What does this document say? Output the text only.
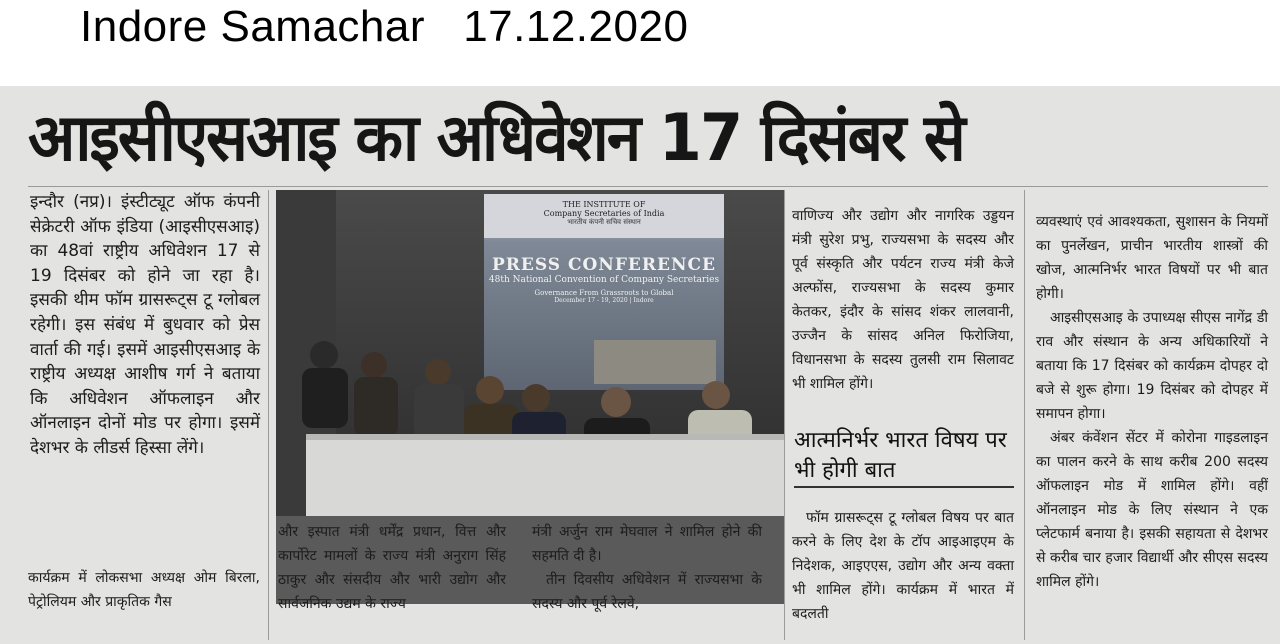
Indore Samachar   17.12.2020
आइसीएसआइ का अधिवेशन 17 दिसंबर से

इन्दौर (नप्र)। इंस्टीट्यूट ऑफ कंपनी सेक्रेटरी ऑफ इंडिया (आइसीएसआइ) का 48वां राष्ट्रीय अधिवेशन 17 से 19 दिसंबर को होने जा रहा है। इसकी थीम फॉम ग्रासरूट्स टू ग्लोबल रहेगी। इस संबंध में बुधवार को प्रेस वार्ता की गई। इसमें आइसीएसआइ के राष्ट्रीय अध्यक्ष आशीष गर्ग ने बताया कि अधिवेशन ऑफलाइन और ऑनलाइन दोनों मोड पर होगा। इसमें देशभर के लीडर्स हिस्सा लेंगे।

कार्यक्रम में लोकसभा अध्यक्ष ओम बिरला, पेट्रोलियम और प्राकृतिक गैस

THE INSTITUTE OF
Company Secretaries of India
भारतीय कंपनी सचिव संस्थान
PRESS CONFERENCE
48th National Convention of Company Secretaries
Governance From Grassroots to Global
December 17 - 19, 2020 | Indore

और इस्पात मंत्री धर्मेंद्र प्रधान, वित्त और कार्पोरेट मामलों के राज्य मंत्री अनुराग सिंह ठाकुर और संसदीय और भारी उद्योग और सार्वजनिक उद्यम के राज्य

मंत्री अर्जुन राम मेघवाल ने शामिल होने की सहमति दी है।

तीन दिवसीय अधिवेशन में राज्यसभा के सदस्य और पूर्व रेलवे,

वाणिज्य और उद्योग और नागरिक उड्डयन मंत्री सुरेश प्रभु, राज्यसभा के सदस्य और पूर्व संस्कृति और पर्यटन राज्य मंत्री केजे अल्फोंस, राज्यसभा के सदस्य कुमार केतकर, इंदौर के सांसद शंकर लालवानी, उज्जैन के सांसद अनिल फिरोजिया, विधानसभा के सदस्य तुलसी राम सिलावट भी शामिल होंगे।

आत्मनिर्भर भारत विषय पर भी होगी बात

फॉम ग्रासरूट्स टू ग्लोबल विषय पर बात करने के लिए देश के टॉप आइआइएम के निदेशक, आइएएस, उद्योग और अन्य वक्ता भी शामिल होंगे। कार्यक्रम में भारत में बदलती

व्यवस्थाएं एवं आवश्यकता, सुशासन के नियमों का पुनर्लेखन, प्राचीन भारतीय शास्त्रों की खोज, आत्मनिर्भर भारत विषयों पर भी बात होगी।

आइसीएसआइ के उपाध्यक्ष सीएस नागेंद्र डी राव और संस्थान के अन्य अधिकारियों ने बताया कि 17 दिसंबर को कार्यक्रम दोपहर दो बजे से शुरू होगा। 19 दिसंबर को दोपहर में समापन होगा।

अंबर कंवेंशन सेंटर में कोरोना गाइडलाइन का पालन करने के साथ करीब 200 सदस्य ऑफलाइन मोड में शामिल होंगे। वहीं ऑनलाइन मोड के लिए संस्थान ने एक प्लेटफार्म बनाया है। इसकी सहायता से देशभर से करीब चार हजार विद्यार्थी और सीएस सदस्य शामिल होंगे।
